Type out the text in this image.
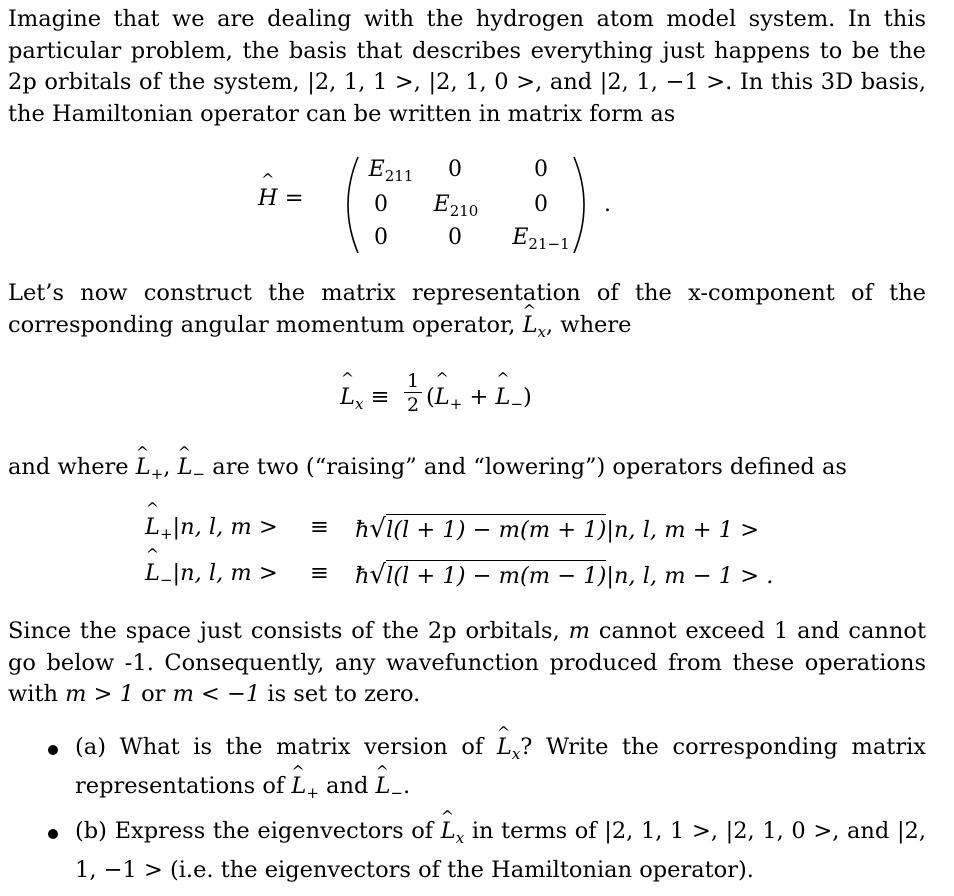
Imagine that we are dealing with the hydrogen atom model system. In this particular problem, the basis that describes everything just happens to be the 2p orbitals of the system, |2, 1, 1 >, |2, 1, 0 >, and |2, 1, −1 >. In this 3D basis, the Hamiltonian operator can be written in matrix form as
^ H =
$E_{211}$	0	0
0	$E_{210}$	0
0	0	$E_{21-1}$
.
Let’s now construct the matrix representation of the x-component of the corresponding angular momentum operator, ^ $L_x$, where
^ $L_x \equiv \frac{1}{2}$ (^ $L_+$ + ^ $L_-$)
and where ^ $L_+$, ^ $L_-$ are two (“raising” and “lowering”) operators defined as
^ $L_+|n$, l, m > ≡ ħ√l(l + 1) − m(m + 1)|n, l, m + 1 >
^ $L_-|n$, l, m > ≡ ħ√l(l + 1) − m(m − 1)|n, l, m − 1 > .
Since the space just consists of the 2p orbitals, m cannot exceed 1 and cannot go below -1. Consequently, any wavefunction produced from these operations with m > 1 or m < −1 is set to zero.
(a) What is the matrix version of ^ $L_x$? Write the corresponding matrix representations of ^ $L_+$ and ^ $L_-$.
(b) Express the eigenvectors of ^ $L_x$ in terms of |2, 1, 1 >, |2, 1, 0 >, and |2, 1, −1 > (i.e. the eigenvectors of the Hamiltonian operator).
